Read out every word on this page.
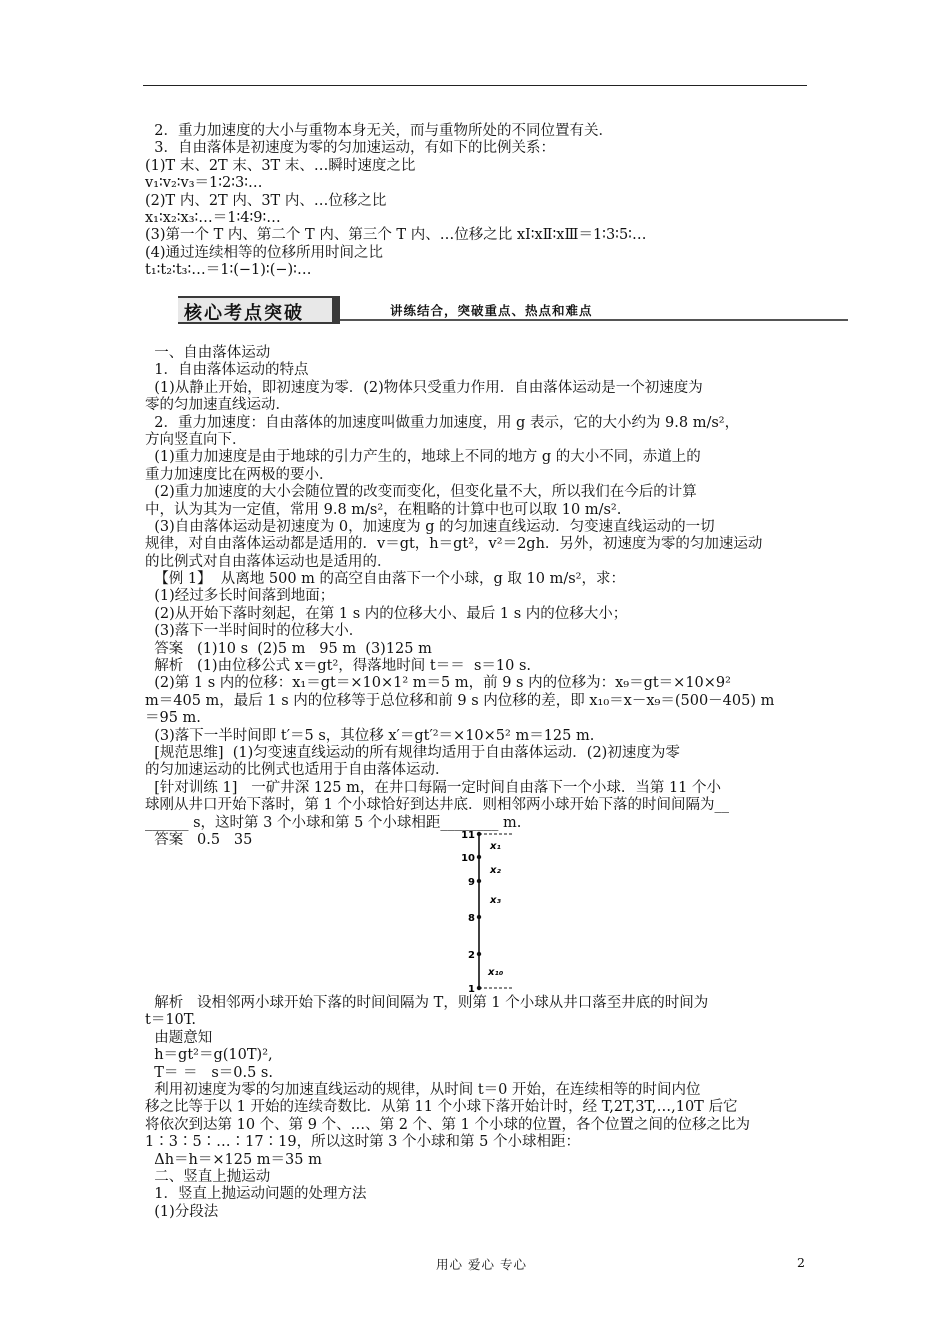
2．重力加速度的大小与重物本身无关，而与重物所处的不同位置有关．
3．自由落体是初速度为零的匀加速运动，有如下的比例关系：
(1)T 末、2T 末、3T 末、…瞬时速度之比
v₁∶v₂∶v₃＝1∶2∶3∶…
(2)T 内、2T 内、3T 内、…位移之比
x₁∶x₂∶x₃∶…＝1∶4∶9∶…
(3)第一个 T 内、第二个 T 内、第三个 T 内、…位移之比 xⅠ∶xⅡ∶xⅢ＝1∶3∶5∶…
(4)通过连续相等的位移所用时间之比
t₁∶t₂∶t₃∶…＝1∶(−1)∶(−)∶…
核心考点突破	讲练结合，突破重点、热点和难点
一、自由落体运动
1．自由落体运动的特点
(1)从静止开始，即初速度为零．(2)物体只受重力作用．自由落体运动是一个初速度为
零的匀加速直线运动．
2．重力加速度：自由落体的加速度叫做重力加速度，用 g 表示，它的大小约为 9.8 m/s²，
方向竖直向下．
(1)重力加速度是由于地球的引力产生的，地球上不同的地方 g 的大小不同，赤道上的
重力加速度比在两极的要小．
(2)重力加速度的大小会随位置的改变而变化，但变化量不大，所以我们在今后的计算
中，认为其为一定值，常用 9.8 m/s²，在粗略的计算中也可以取 10 m/s².
(3)自由落体运动是初速度为 0，加速度为 g 的匀加速直线运动．匀变速直线运动的一切
规律，对自由落体运动都是适用的．v＝gt，h＝gt²，v²＝2gh．另外，初速度为零的匀加速运动
的比例式对自由落体运动也是适用的．
【例 1】  从离地 500 m 的高空自由落下一个小球，g 取 10 m/s²，求：
(1)经过多长时间落到地面；
(2)从开始下落时刻起，在第 1 s 内的位移大小、最后 1 s 内的位移大小；
(3)落下一半时间时的位移大小．
答案   (1)10 s  (2)5 m   95 m  (3)125 m
解析   (1)由位移公式 x＝gt²，得落地时间 t＝＝  s＝10 s.
(2)第 1 s 内的位移：x₁＝gt＝×10×1² m＝5 m，前 9 s 内的位移为：x₉＝gt＝×10×9²
m＝405 m，最后 1 s 内的位移等于总位移和前 9 s 内位移的差，即 x₁₀＝x－x₉＝(500－405) m
＝95 m.
(3)落下一半时间即 t′＝5 s，其位移 x′＝gt′²＝×10×5² m＝125 m.
[规范思维]  (1)匀变速直线运动的所有规律均适用于自由落体运动．(2)初速度为零
的匀加速运动的比例式也适用于自由落体运动．
[针对训练 1]   一矿井深 125 m，在井口每隔一定时间自由落下一个小球．当第 11 个小
球刚从井口开始下落时，第 1 个小球恰好到达井底．则相邻两小球开始下落的时间间隔为__
______ s，这时第 3 个小球和第 5 个小球相距________ m.
答案   0.5   35	11
10
9
8
2
1
x₁
x₂
x₃
x₁₀
解析   设相邻两小球开始下落的时间间隔为 T，则第 1 个小球从井口落至井底的时间为
t＝10T.
由题意知
h＝gt²＝g(10T)²,
T＝ ＝   s＝0.5 s.
利用初速度为零的匀加速直线运动的规律，从时间 t＝0 开始，在连续相等的时间内位
移之比等于以 1 开始的连续奇数比．从第 11 个小球下落开始计时，经 T,2T,3T,…,10T 后它
将依次到达第 10 个、第 9 个、…、第 2 个、第 1 个小球的位置，各个位置之间的位移之比为
1∶3∶5∶…∶17∶19，所以这时第 3 个小球和第 5 个小球相距：
Δh＝h＝×125 m＝35 m
二、竖直上抛运动
1．竖直上抛运动问题的处理方法
(1)分段法
用心 爱心 专心	2
